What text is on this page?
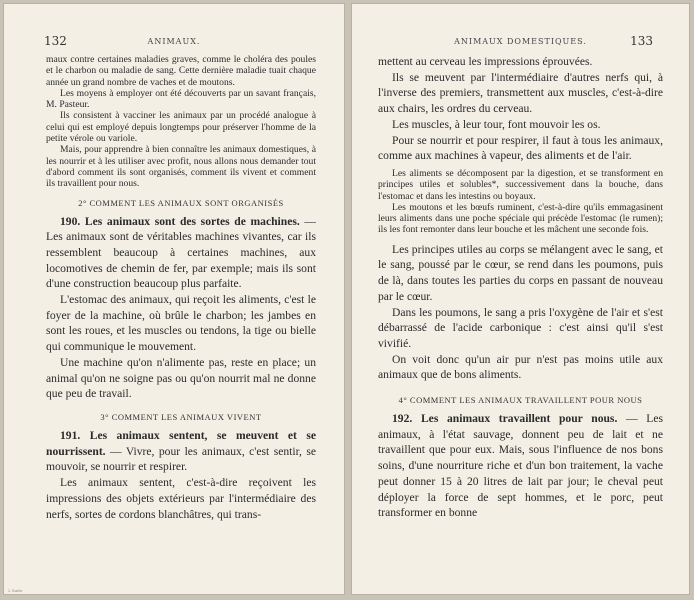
132	ANIMAUX.

maux contre certaines maladies graves, comme le choléra des poules et le charbon ou maladie de sang. Cette dernière maladie tuait chaque année un grand nombre de vaches et de moutons.

Les moyens à employer ont été découverts par un savant français, M. Pasteur.

Ils consistent à vacciner les animaux par un procédé analogue à celui qui est employé depuis longtemps pour préserver l'homme de la petite vérole ou variole.

Mais, pour apprendre à bien connaître les animaux domestiques, à les nourrir et à les utiliser avec profit, nous allons nous demander tout d'abord comment ils sont organisés, comment ils vivent et comment ils travaillent pour nous.

2° COMMENT LES ANIMAUX SONT ORGANISÉS

190. Les animaux sont des sortes de machines. — Les animaux sont de véritables machines vivantes, car ils ressemblent beaucoup à certaines machines, aux locomotives de chemin de fer, par exemple; mais ils sont d'une construction beaucoup plus parfaite.

L'estomac des animaux, qui reçoit les aliments, c'est le foyer de la machine, où brûle le charbon; les jambes en sont les roues, et les muscles ou tendons, la tige ou bielle qui communique le mouvement.

Une machine qu'on n'alimente pas, reste en place; un animal qu'on ne soigne pas ou qu'on nourrit mal ne donne que peu de travail.

3° COMMENT LES ANIMAUX VIVENT

191. Les animaux sentent, se meuvent et se nourrissent. — Vivre, pour les animaux, c'est sentir, se mouvoir, se nourrir et respirer.

Les animaux sentent, c'est-à-dire reçoivent les impressions des objets extérieurs par l'intermédiaire des nerfs, sortes de cordons blanchâtres, qui trans-

2 Suite
ANIMAUX DOMESTIQUES.	133

mettent au cerveau les impressions éprouvées.

Ils se meuvent par l'intermédiaire d'autres nerfs qui, à l'inverse des premiers, transmettent aux muscles, c'est-à-dire aux chairs, les ordres du cerveau.

Les muscles, à leur tour, font mouvoir les os.

Pour se nourrir et pour respirer, il faut à tous les animaux, comme aux machines à vapeur, des aliments et de l'air.

Les aliments se décomposent par la digestion, et se transforment en principes utiles et solubles*, successivement dans la bouche, dans l'estomac et dans les intestins ou boyaux.

Les moutons et les bœufs ruminent, c'est-à-dire qu'ils emmagasinent leurs aliments dans une poche spéciale qui précède l'estomac (le rumen); ils les font remonter dans leur bouche et les mâchent une seconde fois.

Les principes utiles au corps se mélangent avec le sang, et le sang, poussé par le cœur, se rend dans les poumons, puis de là, dans toutes les parties du corps en passant de nouveau par le cœur.

Dans les poumons, le sang a pris l'oxygène de l'air et s'est débarrassé de l'acide carbonique : c'est ainsi qu'il s'est vivifié.

On voit donc qu'un air pur n'est pas moins utile aux animaux que de bons aliments.

4° COMMENT LES ANIMAUX TRAVAILLENT POUR NOUS

192. Les animaux travaillent pour nous. — Les animaux, à l'état sauvage, donnent peu de lait et ne travaillent que pour eux. Mais, sous l'influence de nos bons soins, d'une nourriture riche et d'un bon traitement, la vache peut donner 15 à 20 litres de lait par jour; le cheval peut déployer la force de sept hommes, et le porc, peut transformer en bonne
